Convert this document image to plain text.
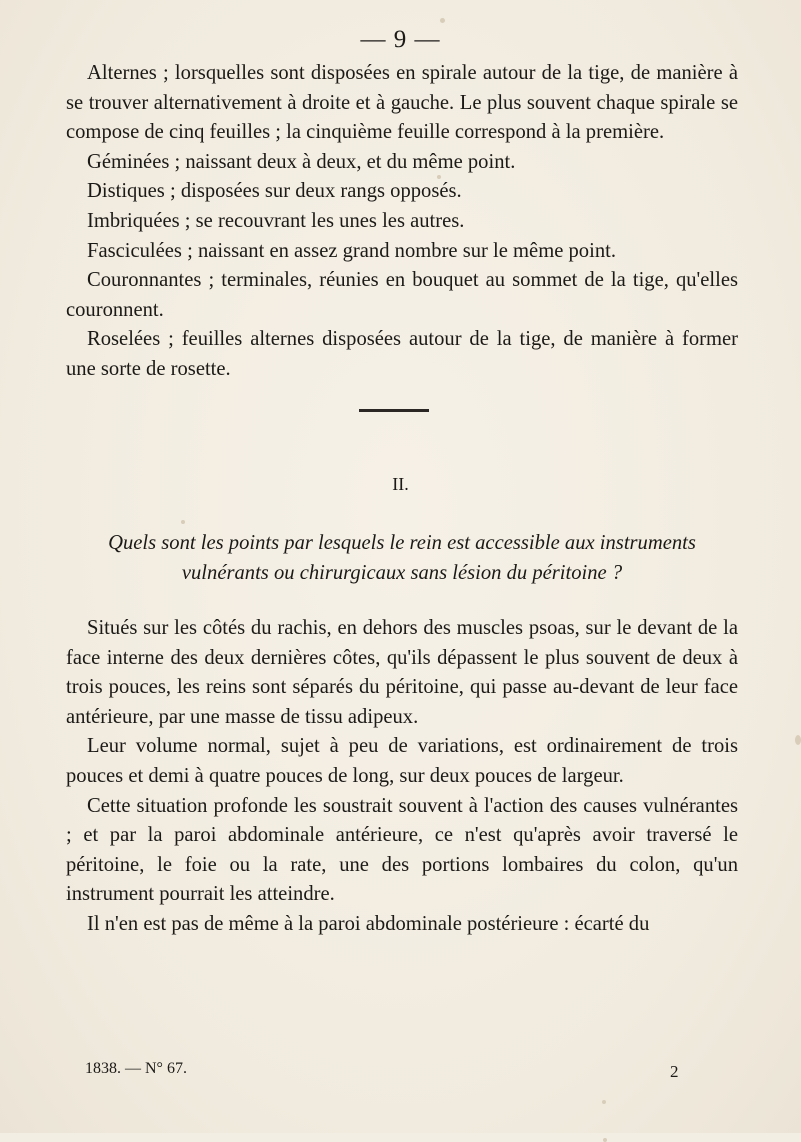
— 9 —

Alternes ; lorsquelles sont disposées en spirale autour de la tige, de manière à se trouver alternativement à droite et à gauche. Le plus souvent chaque spirale se compose de cinq feuilles ; la cinquième feuille correspond à la première.

Géminées ; naissant deux à deux, et du même point.

Distiques ; disposées sur deux rangs opposés.

Imbriquées ; se recouvrant les unes les autres.

Fasciculées ; naissant en assez grand nombre sur le même point.

Couronnantes ; terminales, réunies en bouquet au sommet de la tige, qu'elles couronnent.

Roselées ; feuilles alternes disposées autour de la tige, de manière à former une sorte de rosette.

II.

Quels sont les points par lesquels le rein est accessible aux instruments

vulnérants ou chirurgicaux sans lésion du péritoine ?

Situés sur les côtés du rachis, en dehors des muscles psoas, sur le devant de la face interne des deux dernières côtes, qu'ils dépassent le plus souvent de deux à trois pouces, les reins sont séparés du péritoine, qui passe au-devant de leur face antérieure, par une masse de tissu adipeux.

Leur volume normal, sujet à peu de variations, est ordinairement de trois pouces et demi à quatre pouces de long, sur deux pouces de largeur.

Cette situation profonde les soustrait souvent à l'action des causes vulnérantes ; et par la paroi abdominale antérieure, ce n'est qu'après avoir traversé le péritoine, le foie ou la rate, une des portions lombaires du colon, qu'un instrument pourrait les atteindre.

Il n'en est pas de même à la paroi abdominale postérieure : écarté du

1838. — N° 67.	2
